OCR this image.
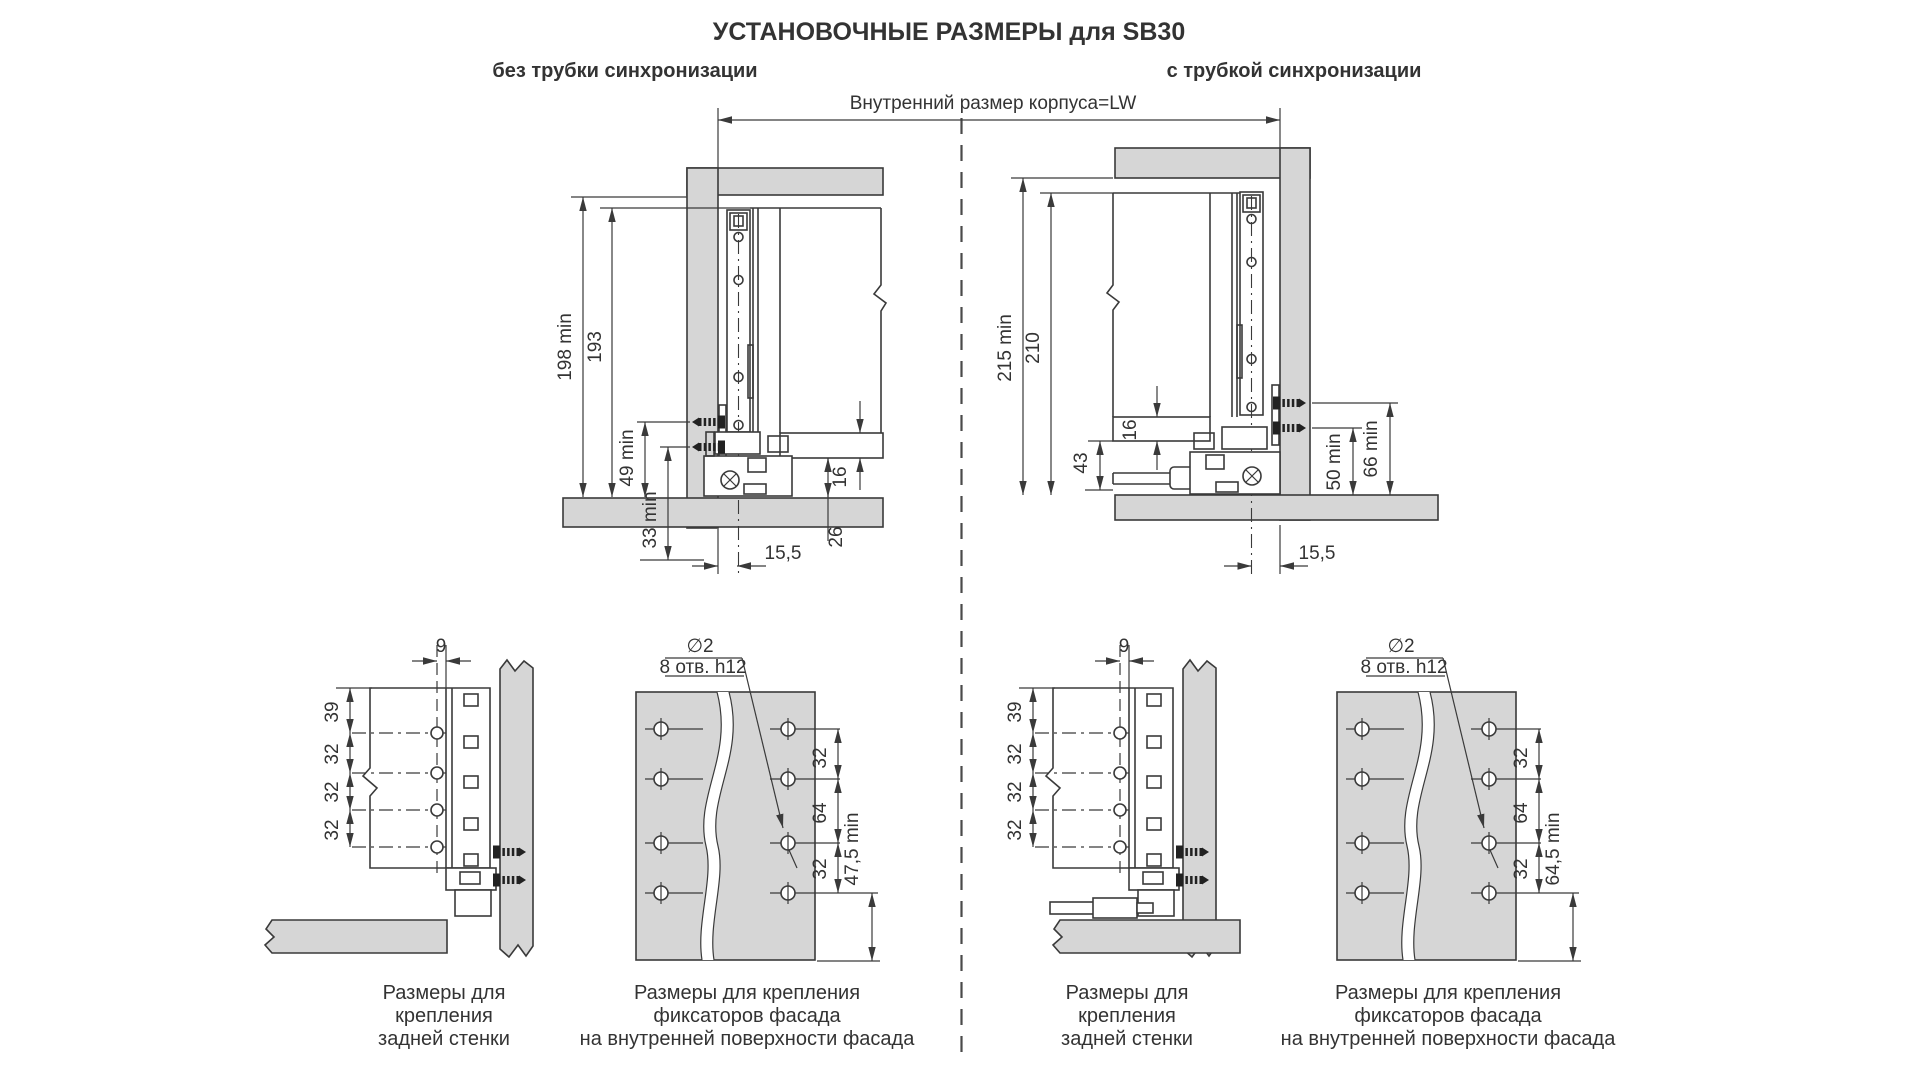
УСТАНОВОЧНЫЕ РАЗМЕРЫ для SB30
без трубки синхронизации	с трубкой синхронизации
Внутренний размер корпуса=LW
198 min 193
49 min
33 min
16
26
15,5
215 min 210
16
43	50 min 66 min
15,5
9
39
32
32
32
Размеры для
крепления
задней стенки
∅2
8 отв. h12
32
64
32 47,5 min
Размеры для крепления
фиксаторов фасада
на внутренней поверхности фасада
9
39
32
32
32
Размеры для
крепления
задней стенки
∅2
8 отв. h12
32
64
32 64,5 min
Размеры для крепления
фиксаторов фасада
на внутренней поверхности фасада
